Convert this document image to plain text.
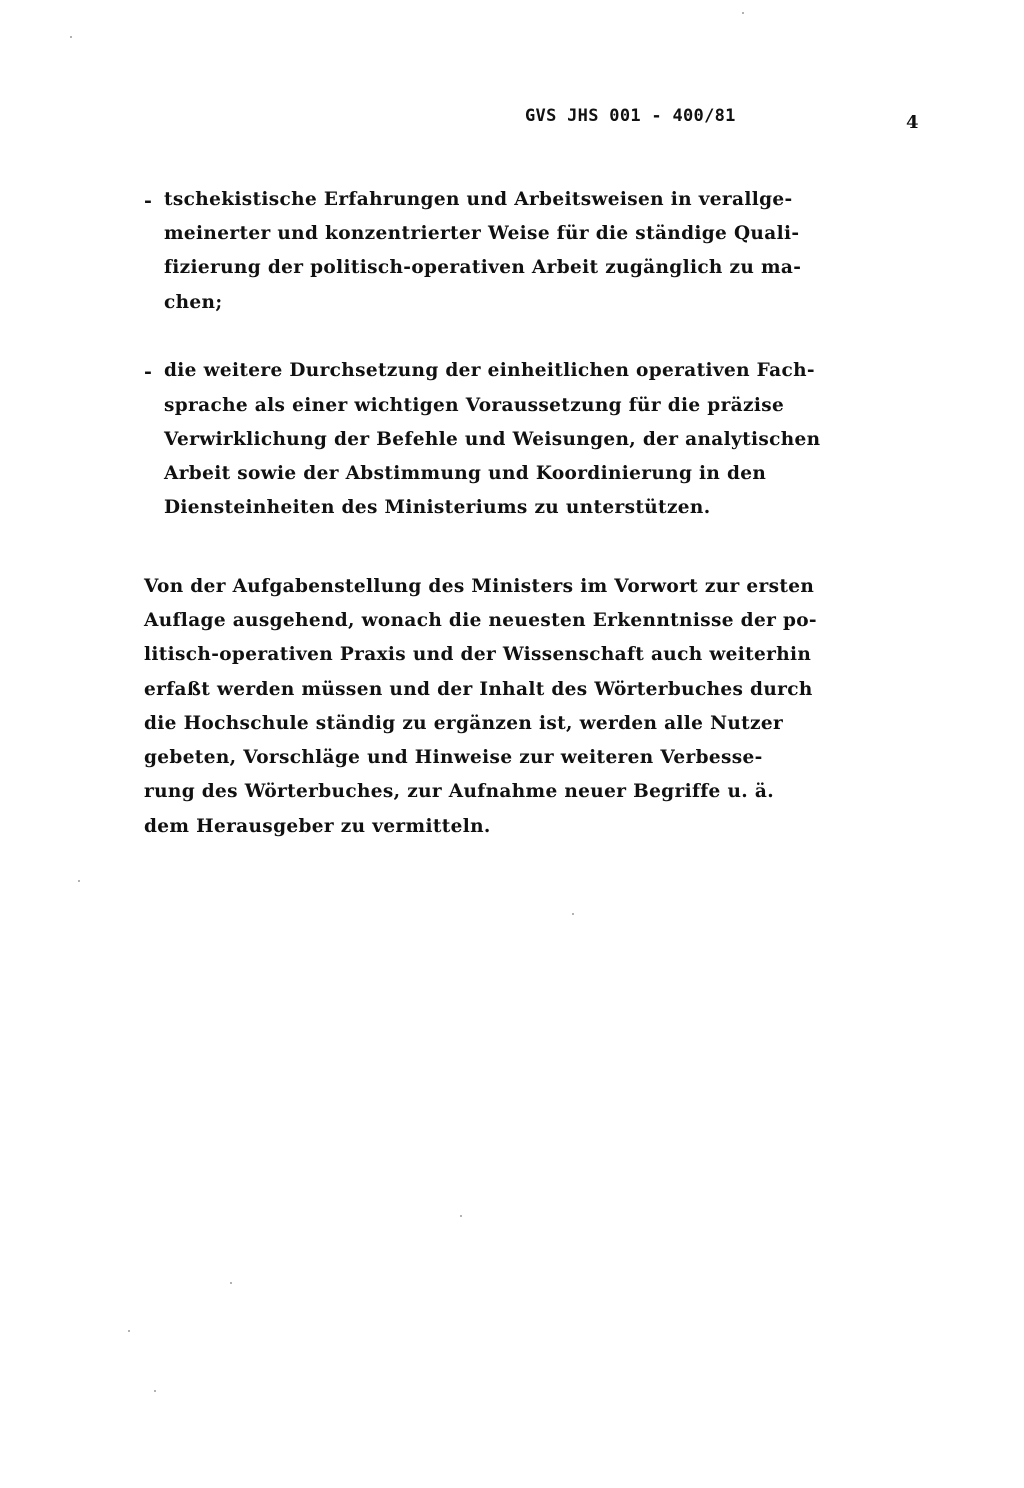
GVS JHS 001 - 400/81	4
- tschekistische Erfahrungen und Arbeitsweisen in verallge-
meinerter und konzentrierter Weise für die ständige Quali-
fizierung der politisch-operativen Arbeit zugänglich zu ma-
chen;
- die weitere Durchsetzung der einheitlichen operativen Fach-
sprache als einer wichtigen Voraussetzung für die präzise
Verwirklichung der Befehle und Weisungen, der analytischen
Arbeit sowie der Abstimmung und Koordinierung in den
Diensteinheiten des Ministeriums zu unterstützen.
Von der Aufgabenstellung des Ministers im Vorwort zur ersten
Auflage ausgehend, wonach die neuesten Erkenntnisse der po-
litisch-operativen Praxis und der Wissenschaft auch weiterhin
erfaßt werden müssen und der Inhalt des Wörterbuches durch
die Hochschule ständig zu ergänzen ist, werden alle Nutzer
gebeten, Vorschläge und Hinweise zur weiteren Verbesse-
rung des Wörterbuches, zur Aufnahme neuer Begriffe u. ä.
dem Herausgeber zu vermitteln.
